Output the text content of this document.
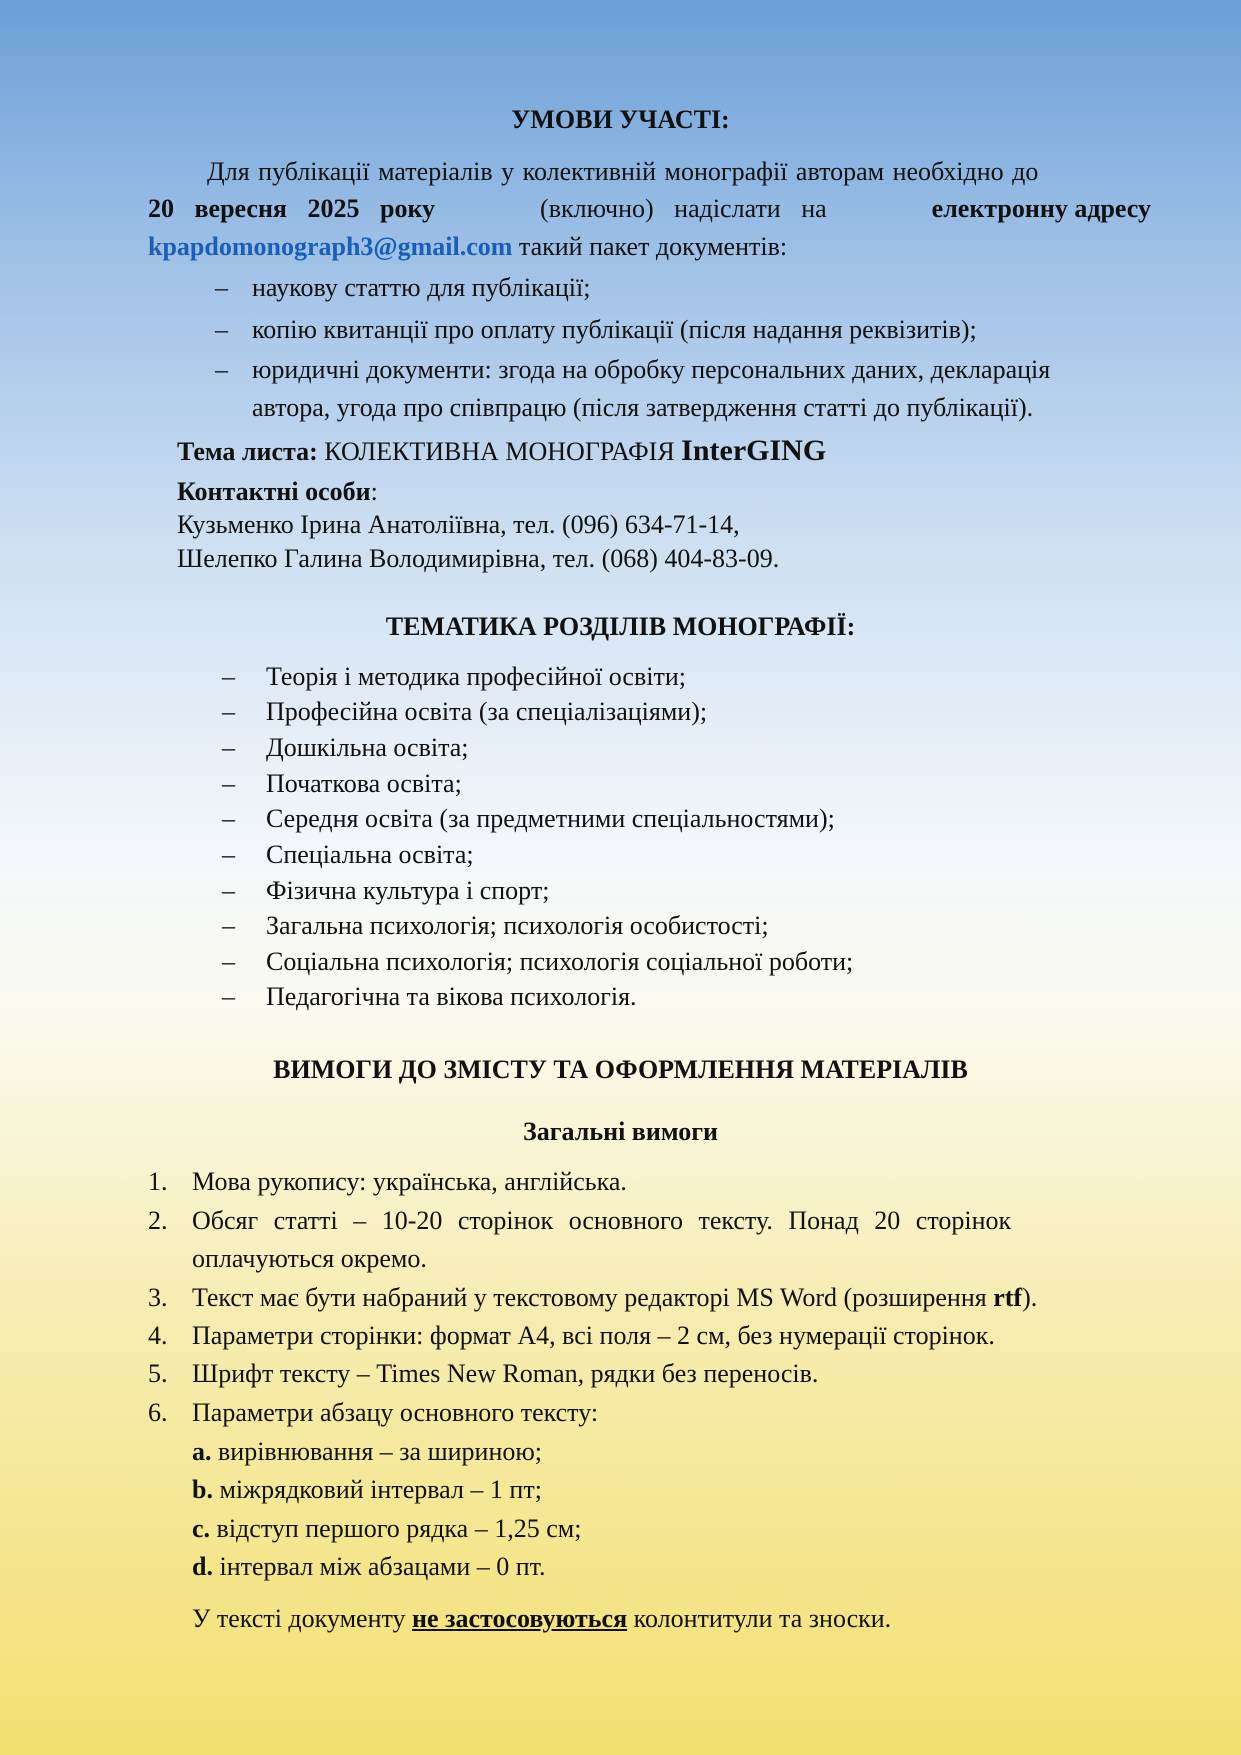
УМОВИ УЧАСТІ:
Для публікації матеріалів у колективній монографії авторам необхідно до
20 вересня 2025 року	(включно) надіслати на	електронну адресу
kpapdomonograph3@gmail.com такий пакет документів:
– наукову статтю для публікації;
– копію квитанції про оплату публікації (після надання реквізитів);
– юридичні документи: згода на обробку персональних даних, декларація
автора, угода про співпрацю (після затвердження статті до публікації).
Тема листа: КОЛЕКТИВНА МОНОГРАФІЯ InterGING
Контактні особи:
Кузьменко Ірина Анатоліївна, тел. (096) 634-71-14,
Шелепко Галина Володимирівна, тел. (068) 404-83-09.
ТЕМАТИКА РОЗДІЛІВ МОНОГРАФІЇ:
– Теорія і методика професійної освіти;
– Професійна освіта (за спеціалізаціями);
– Дошкільна освіта;
– Початкова освіта;
– Середня освіта (за предметними спеціальностями);
– Спеціальна освіта;
– Фізична культура і спорт;
– Загальна психологія; психологія особистості;
– Соціальна психологія; психологія соціальної роботи;
– Педагогічна та вікова психологія.
ВИМОГИ ДО ЗМІСТУ ТА ОФОРМЛЕННЯ МАТЕРІАЛІВ
Загальні вимоги
1. Мова рукопису: українська, англійська.
2. Обсяг статті – 10-20 сторінок основного тексту. Понад 20 сторінок
оплачуються окремо.
3. Текст має бути набраний у текстовому редакторі MS Word (розширення rtf).
4. Параметри сторінки: формат А4, всі поля – 2 см, без нумерації сторінок.
5. Шрифт тексту – Times New Roman, рядки без переносів.
6. Параметри абзацу основного тексту:
a. вирівнювання – за шириною;
b. міжрядковий інтервал – 1 пт;
c. відступ першого рядка – 1,25 см;
d. інтервал між абзацами – 0 пт.
У тексті документу не застосовуються колонтитули та зноски.
